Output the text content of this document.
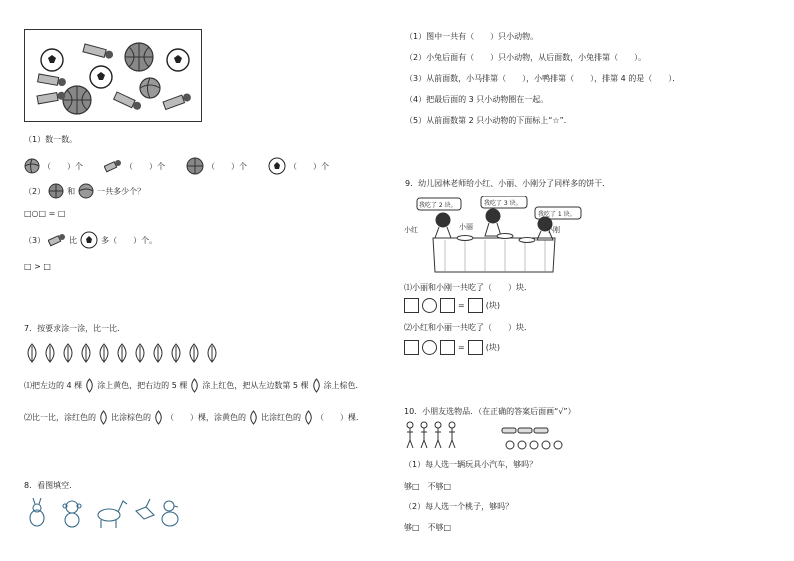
（1）数一数。
（　　）个	（　　）个	（　　）个	（　　）个
（2）	和	一共多少个？
□○□ = □
（3）	比	多（　　）个。
□ > □
7．按要求涂一涂，比一比．
⑴把左边的 4 棵 涂上黄色，把右边的 5 棵 涂上红色，把从左边数第 5 棵 涂上棕色．
⑵比一比，涂红色的 比涂棕色的 （　　）棵，涂黄色的 比涂红色的 （　　）棵．
8．看图填空.
（1）图中一共有（　　）只小动物。
（2）小兔后面有（　　）只小动物，从后面数，小兔排第（　　）。
（3）从前面数，小马排第（　　），小鸭排第（　　），排第 4 的是（　　）．
（4）把最后面的 3 只小动物圈在一起。
（5）从前面数第 2 只小动物的下面标上“☆”．
9．幼儿园林老师给小红、小丽、小刚分了同样多的饼干．
我吃了 2 块。	我吃了 3 块。
我吃了 1 块。
小红	小丽	小刚
⑴小丽和小刚一共吃了（　　）块．
=	(块)
⑵小红和小丽一共吃了（　　）块．
=	(块)
10．小朋友选物品．（在正确的答案后面画“√”）
（1）每人选一辆玩具小汽车，够吗？
够□　不够□
（2）每人选一个桃子，够吗？
够□　不够□
